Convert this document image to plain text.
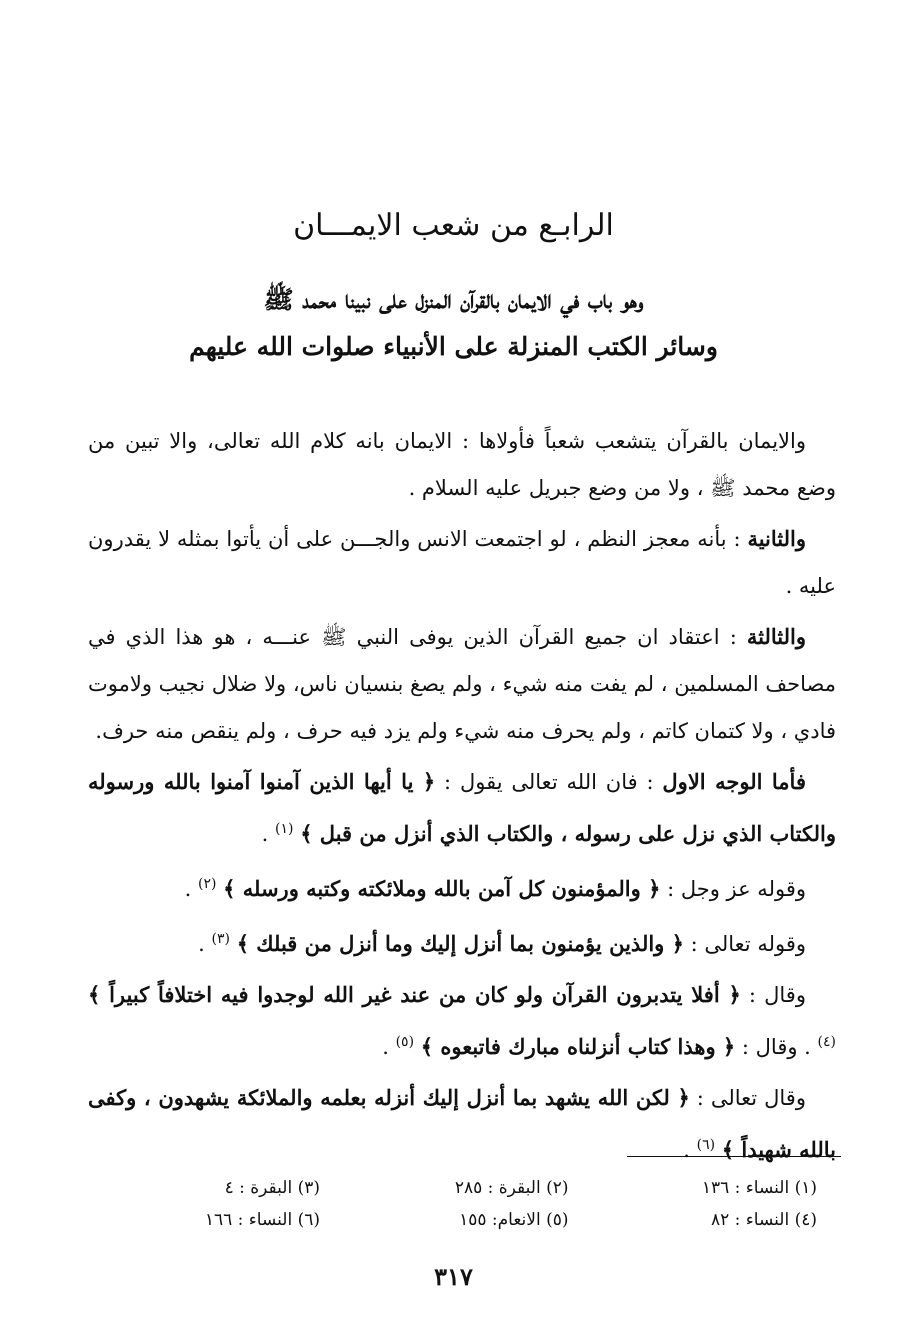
الرابـع من شعب الايمـــان
وهو باب في الايمان بالقرآن المنزل على نبينا محمد ﷺ
وسائر الكتب المنزلة على الأنبياء صلوات الله عليهم

والايمان بالقرآن يتشعب شعباً فأولاها : الايمان بانه كلام الله تعالى، والا تبين من وضع محمد ﷺ ، ولا من وضع جبريل عليه السلام .

والثانية : بأنه معجز النظم ، لو اجتمعت الانس والجـــن على أن يأتوا بمثله لا يقدرون عليه .

والثالثة : اعتقاد ان جميع القرآن الذين يوفى النبي ﷺ عنـــه ، هو هذا الذي في مصاحف المسلمين ، لم يفت منه شيء ، ولم يصغ بنسيان ناس، ولا ضلال نجيب ولاموت فادي ، ولا كتمان كاتم ، ولم يحرف منه شيء ولم يزد فيه حرف ، ولم ينقص منه حرف.

فأما الوجه الاول : فان الله تعالى يقول : ﴿ يا أيها الذين آمنوا آمنوا بالله ورسوله والكتاب الذي نزل على رسوله ، والكتاب الذي أنزل من قبل ﴾ $^{(١)}$ .

وقوله عز وجل : ﴿ والمؤمنون كل آمن بالله وملائكته وكتبه ورسله ﴾ $^{(٢)}$ .

وقوله تعالى : ﴿ والذين يؤمنون بما أنزل إليك وما أنزل من قبلك ﴾ $^{(٣)}$ .

وقال : ﴿ أفلا يتدبرون القرآن ولو كان من عند غير الله لوجدوا فيه اختلافاً كبيراً ﴾ $^{(٤)}$ . وقال : ﴿ وهذا كتاب أنزلناه مبارك فاتبعوه ﴾ $^{(٥)}$ .

وقال تعالى : ﴿ لكن الله يشهد بما أنزل إليك أنزله بعلمه والملائكة يشهدون ، وكفى بالله شهيداً ﴾ $^{(٦)}$ .

(١) النساء : ١٣٦
(٢) البقرة : ٢٨٥
(٣) البقرة : ٤
(٤) النساء : ٨٢
(٥) الانعام: ١٥٥
(٦) النساء : ١٦٦
٣١٧
